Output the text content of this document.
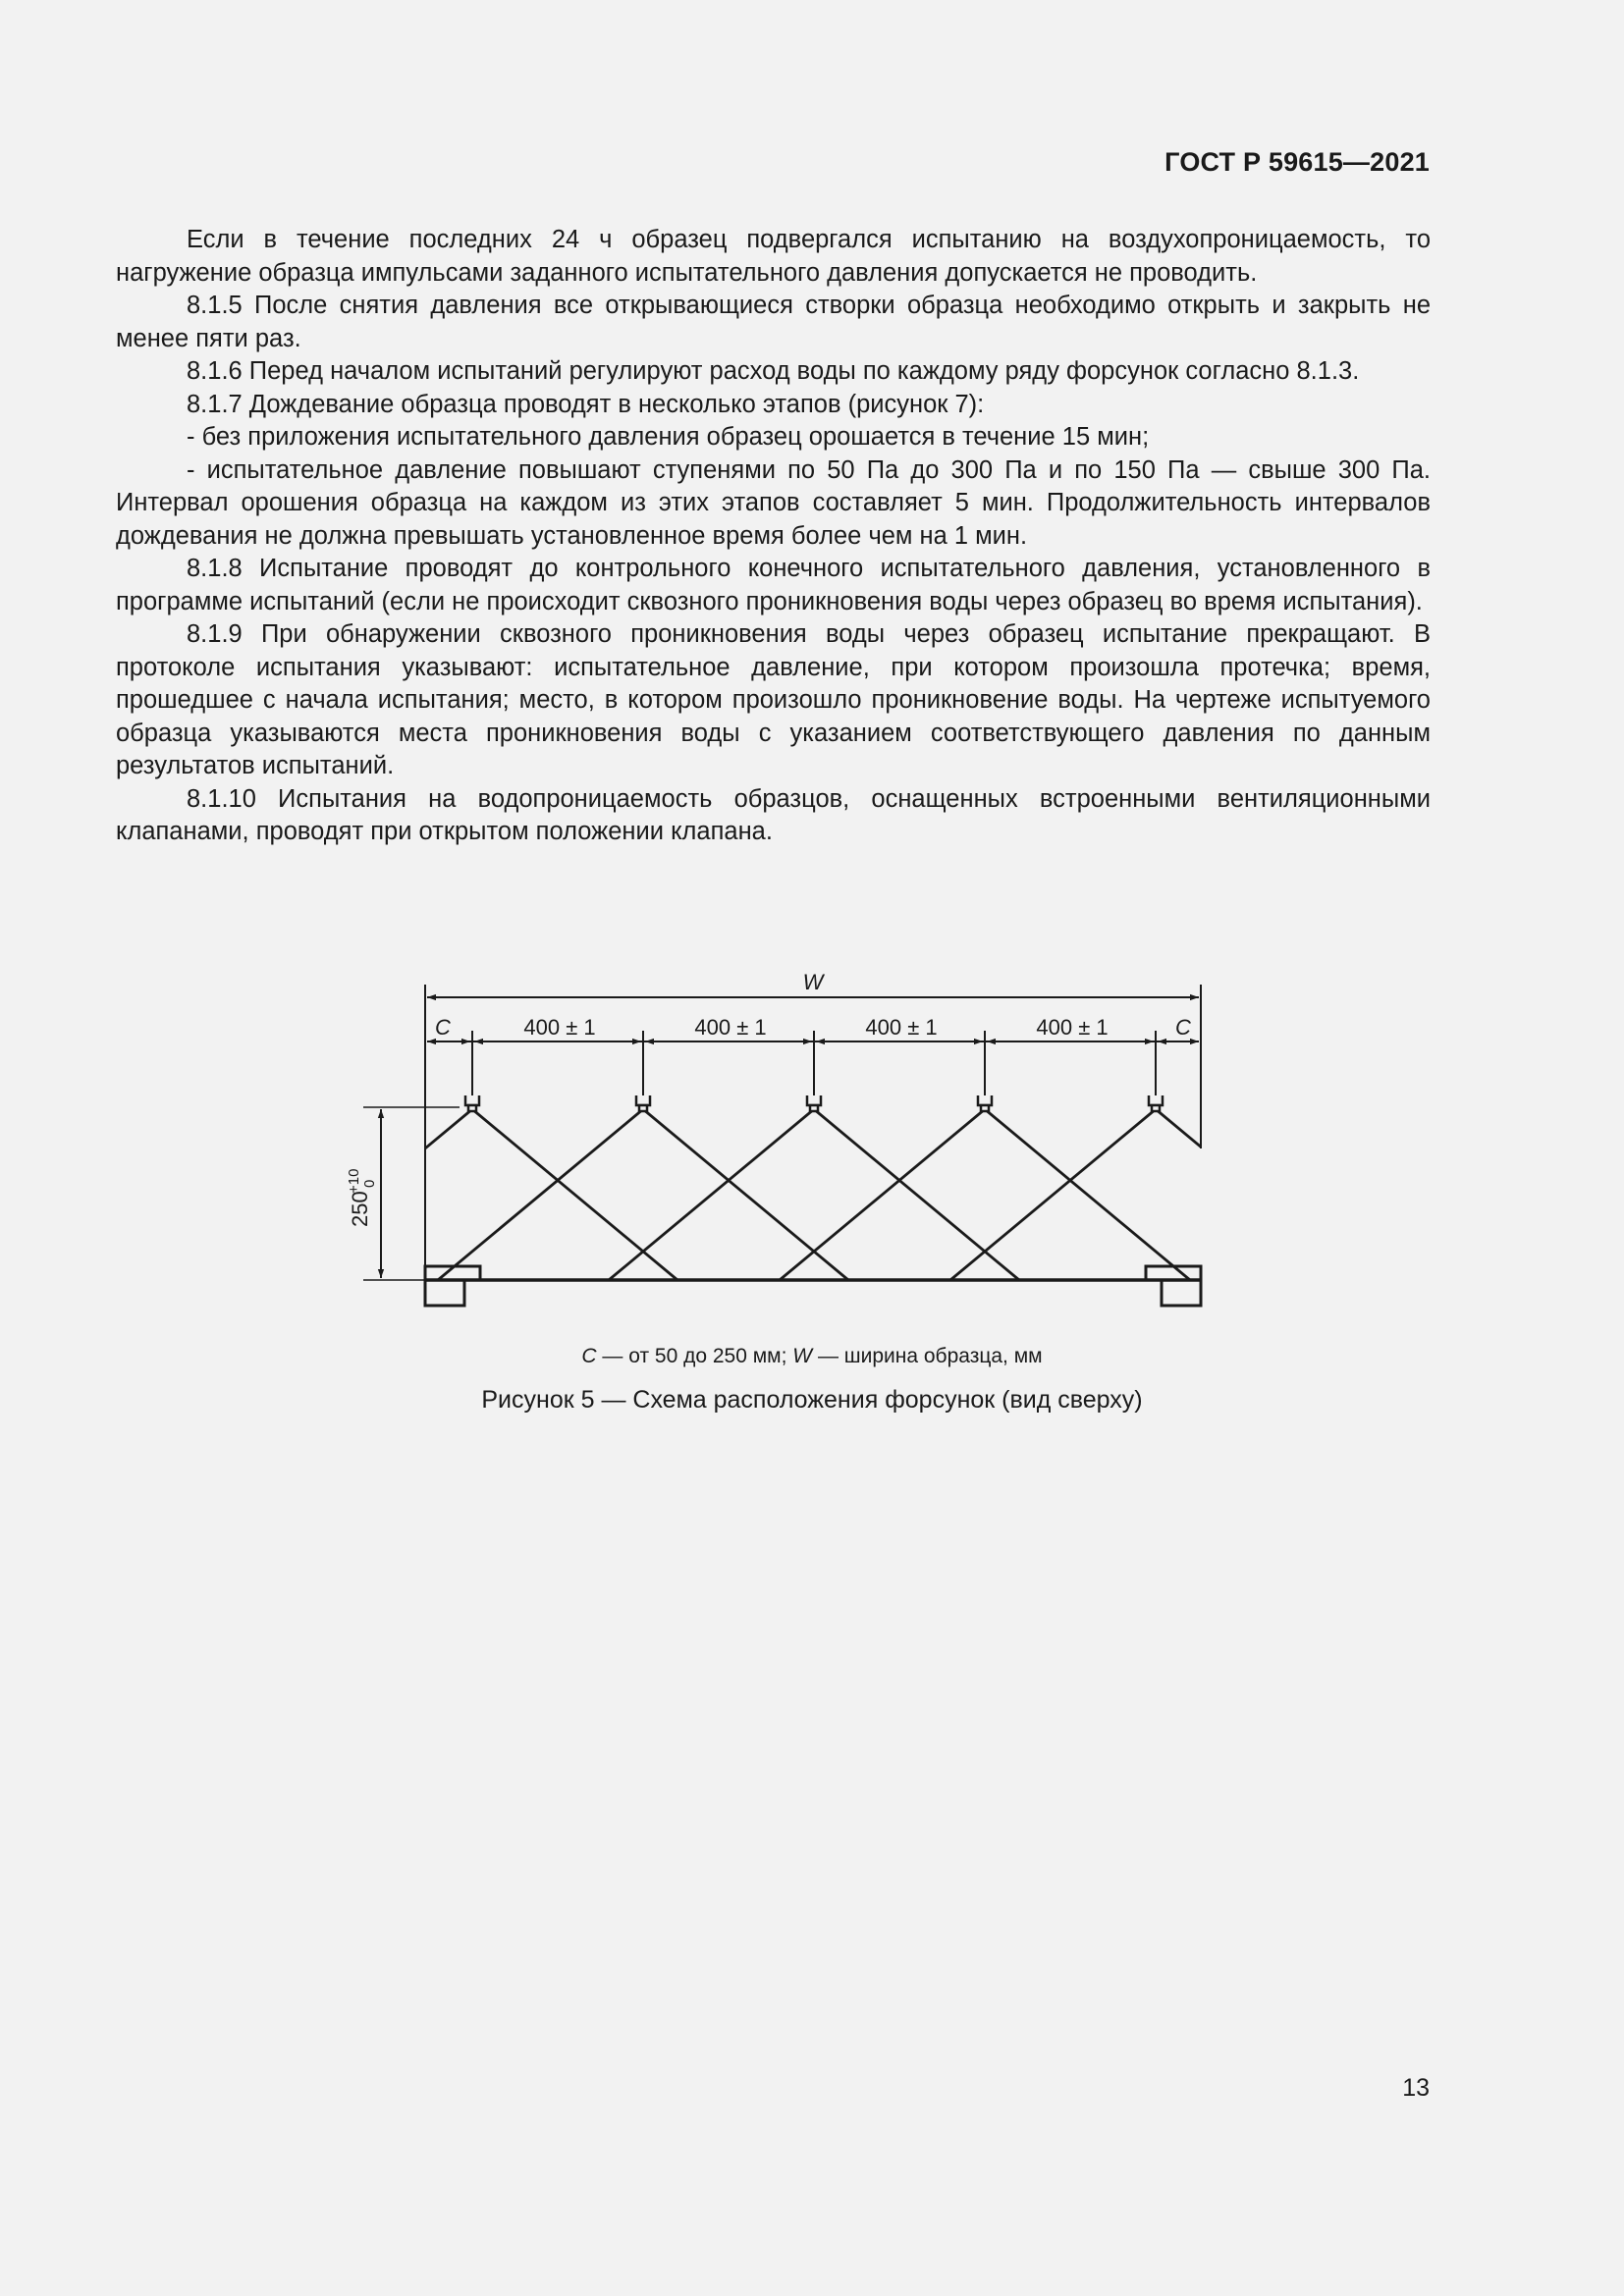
ГОСТ Р 59615—2021

Если в течение последних 24 ч образец подвергался испытанию на воздухопроницаемость, то нагружение образца импульсами заданного испытательного давления допускается не проводить.

8.1.5 После снятия давления все открывающиеся створки образца необходимо открыть и закрыть не менее пяти раз.

8.1.6 Перед началом испытаний регулируют расход воды по каждому ряду форсунок согласно 8.1.3.

8.1.7 Дождевание образца проводят в несколько этапов (рисунок 7):

- без приложения испытательного давления образец орошается в течение 15 мин;

- испытательное давление повышают ступенями по 50 Па до 300 Па и по 150 Па — свыше 300 Па. Интервал орошения образца на каждом из этих этапов составляет 5 мин. Продолжительность интервалов дождевания не должна превышать установленное время более чем на 1 мин.

8.1.8 Испытание проводят до контрольного конечного испытательного давления, установленного в программе испытаний (если не происходит сквозного проникновения воды через образец во время испытания).

8.1.9 При обнаружении сквозного проникновения воды через образец испытание прекращают. В протоколе испытания указывают: испытательное давление, при котором произошла протечка; время, прошедшее с начала испытания; место, в котором произошло проникновение воды. На чертеже испытуемого образца указываются места проникновения воды с указанием соответствующего давления по данным результатов испытаний.

8.1.10 Испытания на водопроницаемость образцов, оснащенных встроенными вентиляционными клапанами, проводят при открытом положении клапана.

W
C	C
400 ± 1	400 ± 1	400 ± 1	400 ± 1
250
+10 0
C — от 50 до 250 мм; W — ширина образца, мм
Рисунок 5 — Схема расположения форсунок (вид сверху)
13
